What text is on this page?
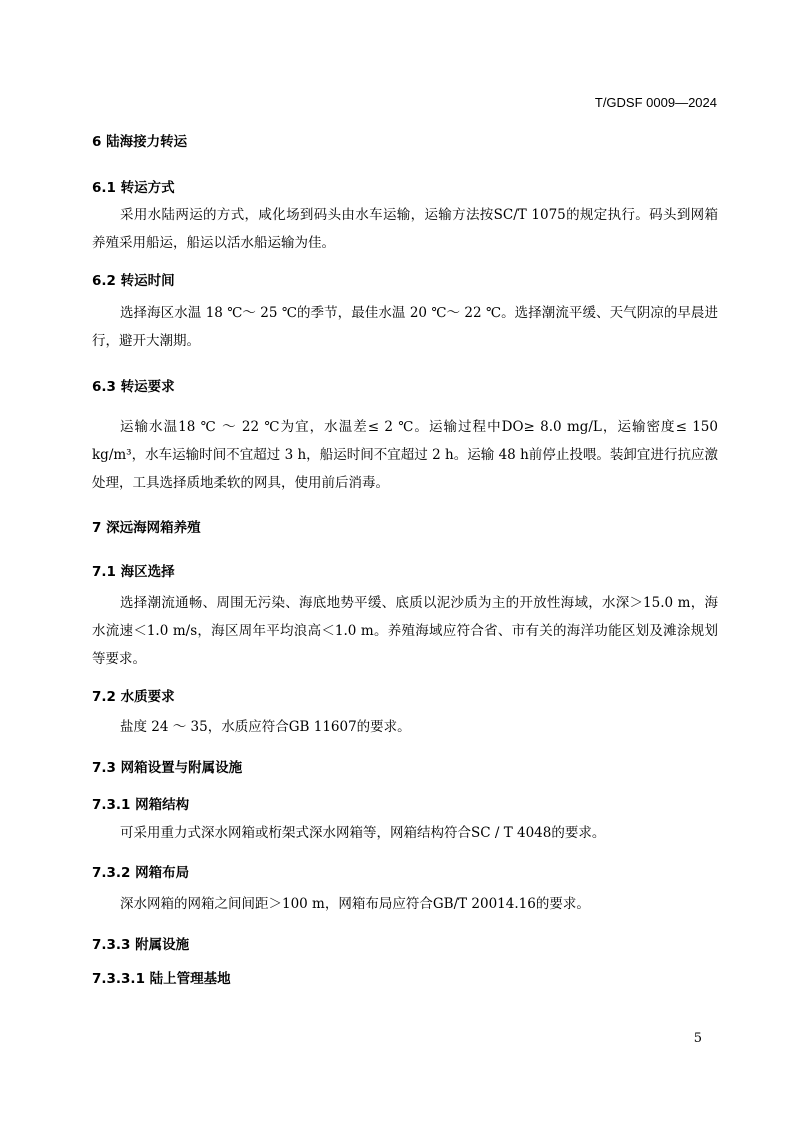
T/GDSF 0009—2024
6 陆海接力转运
6.1 转运方式

采用水陆两运的方式，咸化场到码头由水车运输，运输方法按SC/T 1075的规定执行。码头到网箱养殖采用船运，船运以活水船运输为佳。

6.2 转运时间

选择海区水温 18 ℃～ 25 ℃的季节，最佳水温 20 ℃～ 22 ℃。选择潮流平缓、天气阴凉的早晨进行，避开大潮期。

6.3 转运要求

运输水温18 ℃ ～ 22 ℃为宜，水温差≤ 2 ℃。运输过程中DO≥ 8.0 mg/L，运输密度≤ 150 kg/m³，水车运输时间不宜超过 3 h，船运时间不宜超过 2 h。运输 48 h前停止投喂。装卸宜进行抗应激处理，工具选择质地柔软的网具，使用前后消毒。

7 深远海网箱养殖
7.1 海区选择

选择潮流通畅、周围无污染、海底地势平缓、底质以泥沙质为主的开放性海域，水深＞15.0 m，海水流速＜1.0 m/s，海区周年平均浪高＜1.0 m。养殖海域应符合省、市有关的海洋功能区划及滩涂规划等要求。

7.2 水质要求

盐度 24 ～ 35，水质应符合GB 11607的要求。

7.3 网箱设置与附属设施
7.3.1 网箱结构

可采用重力式深水网箱或桁架式深水网箱等，网箱结构符合SC / T 4048的要求。

7.3.2 网箱布局

深水网箱的网箱之间间距＞100 m，网箱布局应符合GB/T 20014.16的要求。

7.3.3 附属设施
7.3.3.1 陆上管理基地
5
